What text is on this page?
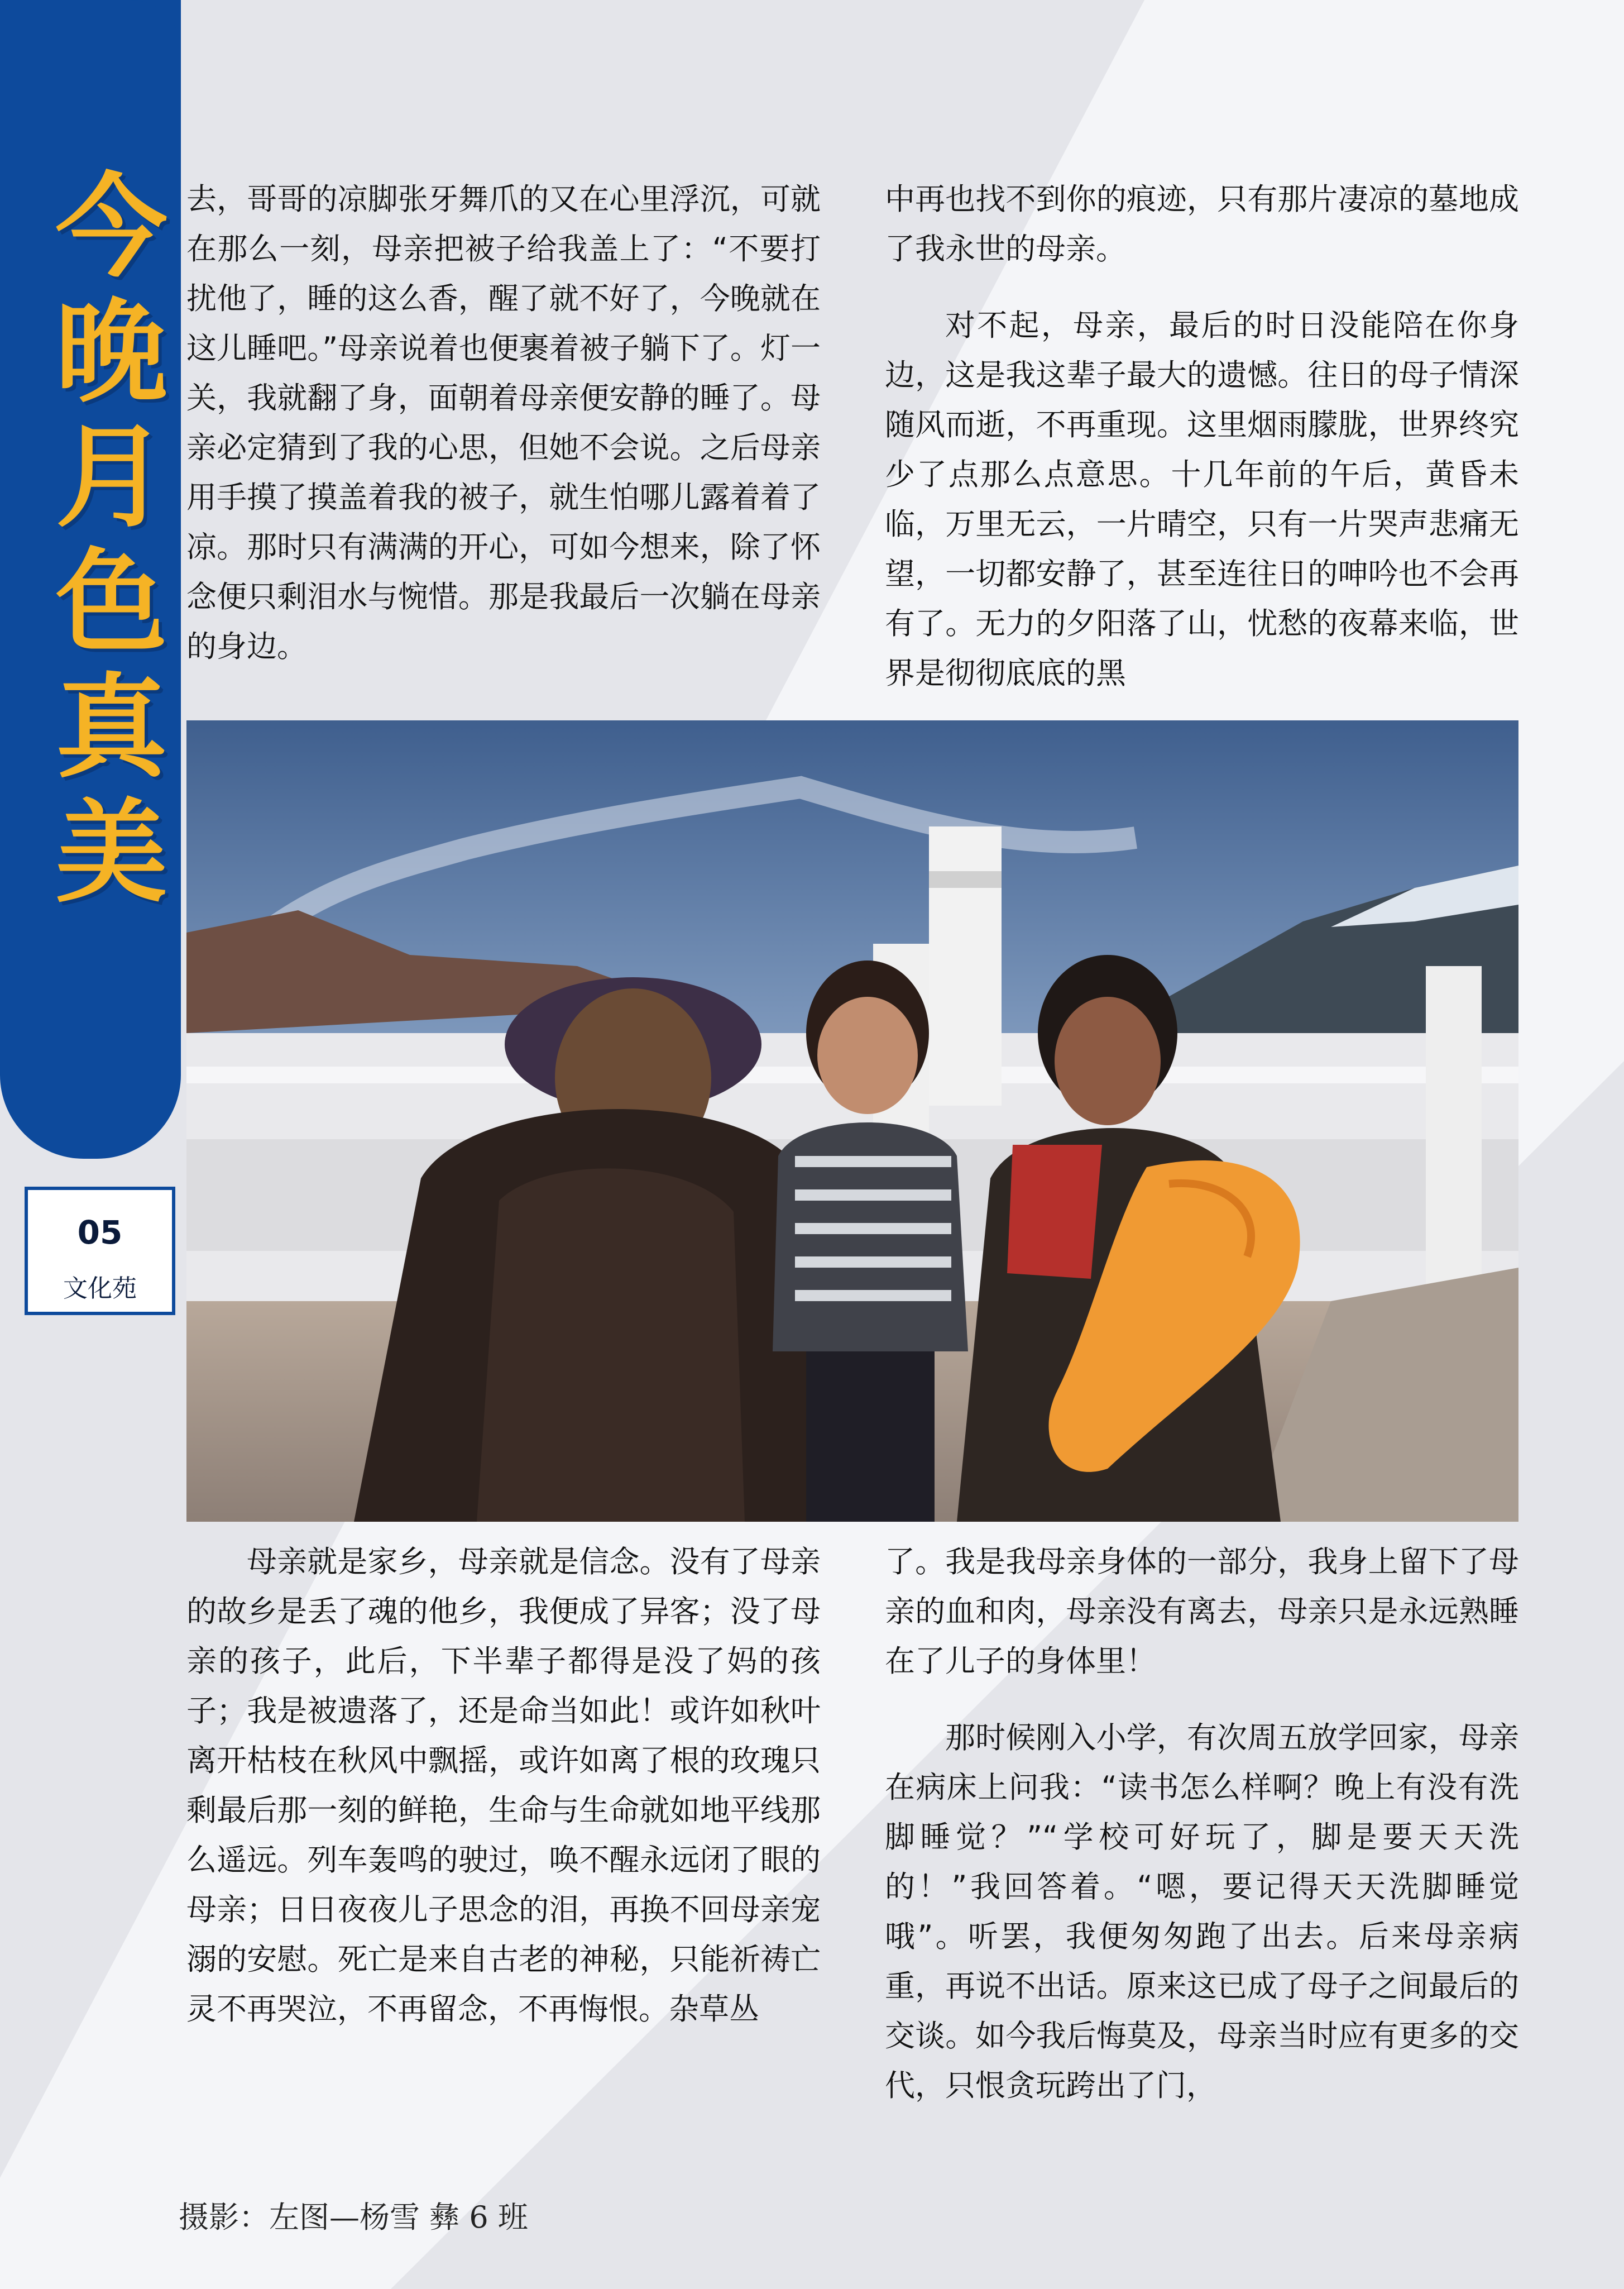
今晚月色真美
05
文化苑

去，哥哥的凉脚张牙舞爪的又在心里浮沉，可就在那么一刻，母亲把被子给我盖上了：“不要打扰他了，睡的这么香，醒了就不好了，今晚就在这儿睡吧。”母亲说着也便裹着被子躺下了。灯一关，我就翻了身，面朝着母亲便安静的睡了。母亲必定猜到了我的心思，但她不会说。之后母亲用手摸了摸盖着我的被子，就生怕哪儿露着着了凉。那时只有满满的开心，可如今想来，除了怀念便只剩泪水与惋惜。那是我最后一次躺在母亲的身边。

中再也找不到你的痕迹，只有那片凄凉的墓地成了我永世的母亲。

对不起，母亲，最后的时日没能陪在你身边，这是我这辈子最大的遗憾。往日的母子情深随风而逝，不再重现。这里烟雨朦胧，世界终究少了点那么点意思。十几年前的午后，黄昏未临，万里无云，一片晴空，只有一片哭声悲痛无望，一切都安静了，甚至连往日的呻吟也不会再有了。无力的夕阳落了山，忧愁的夜幕来临，世界是彻彻底底的黑

母亲就是家乡，母亲就是信念。没有了母亲的故乡是丢了魂的他乡，我便成了异客；没了母亲的孩子，此后，下半辈子都得是没了妈的孩子；我是被遗落了，还是命当如此！或许如秋叶离开枯枝在秋风中飘摇，或许如离了根的玫瑰只剩最后那一刻的鲜艳，生命与生命就如地平线那么遥远。列车轰鸣的驶过，唤不醒永远闭了眼的母亲；日日夜夜儿子思念的泪，再换不回母亲宠溺的安慰。死亡是来自古老的神秘，只能祈祷亡灵不再哭泣，不再留念，不再悔恨。杂草丛

了。我是我母亲身体的一部分，我身上留下了母亲的血和肉，母亲没有离去，母亲只是永远熟睡在了儿子的身体里！

那时候刚入小学，有次周五放学回家，母亲在病床上问我：“读书怎么样啊？晚上有没有洗脚睡觉？”“学校可好玩了，脚是要天天洗的！”我回答着。“嗯，要记得天天洗脚睡觉哦”。听罢，我便匆匆跑了出去。后来母亲病重，再说不出话。原来这已成了母子之间最后的交谈。如今我后悔莫及，母亲当时应有更多的交代，只恨贪玩跨出了门，

摄影：左图—杨雪 彝 6 班
